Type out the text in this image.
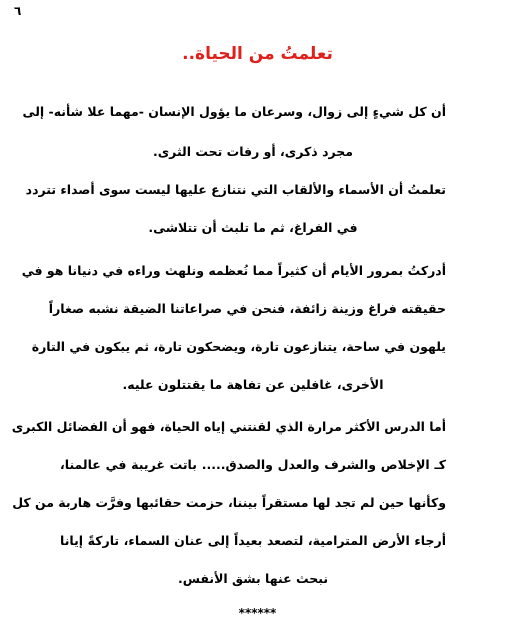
٦
تعلمتُ من الحياة..
أن كل شيءٍ إلى زوال، وسرعان ما يؤول الإنسان -مهما علا شأنه- إلى
مجرد ذكرى، أو رفات تحت الثرى.
تعلمتُ أن الأسماء والألقاب التي نتنازع عليها ليست سوى أصداء تتردد
في الفراغ، ثم ما تلبث أن تتلاشى.
أدركتُ بمرور الأيام أن كثيراً مما نُعظمه ونلهث وراءه في دنيانا هو في
حقيقته فراغ وزينة زائفة، فنحن في صراعاتنا الضيقة نشبه صغاراً
يلهون في ساحة، يتنازعون تارة، ويضحكون تارة، ثم يبكون في التارة
الأخرى، غافلين عن تفاهة ما يقتتلون عليه.
أما الدرس الأكثر مرارة الذي لقنتني إياه الحياة، فهو أن الفضائل الكبرى
كـ الإخلاص والشرف والعدل والصدق..... باتت غريبة في عالمنا،
وكأنها حين لم تجد لها مستقراً بيننا، حزمت حقائبها وفرَّت هاربة من كل
أرجاء الأرض المترامية، لتصعد بعيداً إلى عنان السماء، تاركةً إيانا
نبحث عنها بشق الأنفس.
******
